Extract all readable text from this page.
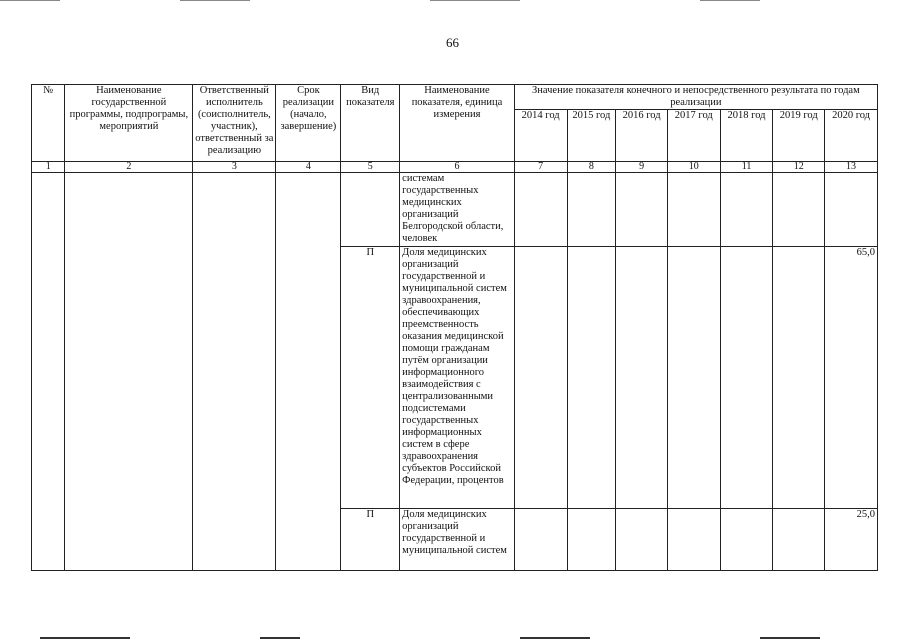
66
№	Наименование государственной программы, подпрограмы, мероприятий	Ответственный исполнитель (соисполнитель, участник), ответственный за реализацию	Срок реализации (начало, завершение)	Вид показателя	Наименование показателя, единица измерения	Значение показателя конечного и непосредственного результата по годам реализации						
						2014 год	2015 год	2016 год	2017 год	2018 год	2019 год	2020 год
1	2	3	4	5	6	7	8	9	10	11	12	13
					системам государственных медицинских организаций Белгородской области, человек							
				П	Доля медицинских организаций государственной и муниципальной систем здравоохранения, обеспечивающих преемственность оказания медицинской помощи гражданам путём организации информационного взаимодействия с централизованными подсистемами государственных информационных систем в сфере здравоохранения субъектов Российской Федерации, процентов							65,0
				П	Доля медицинских организаций государственной и муниципальной систем							25,0
